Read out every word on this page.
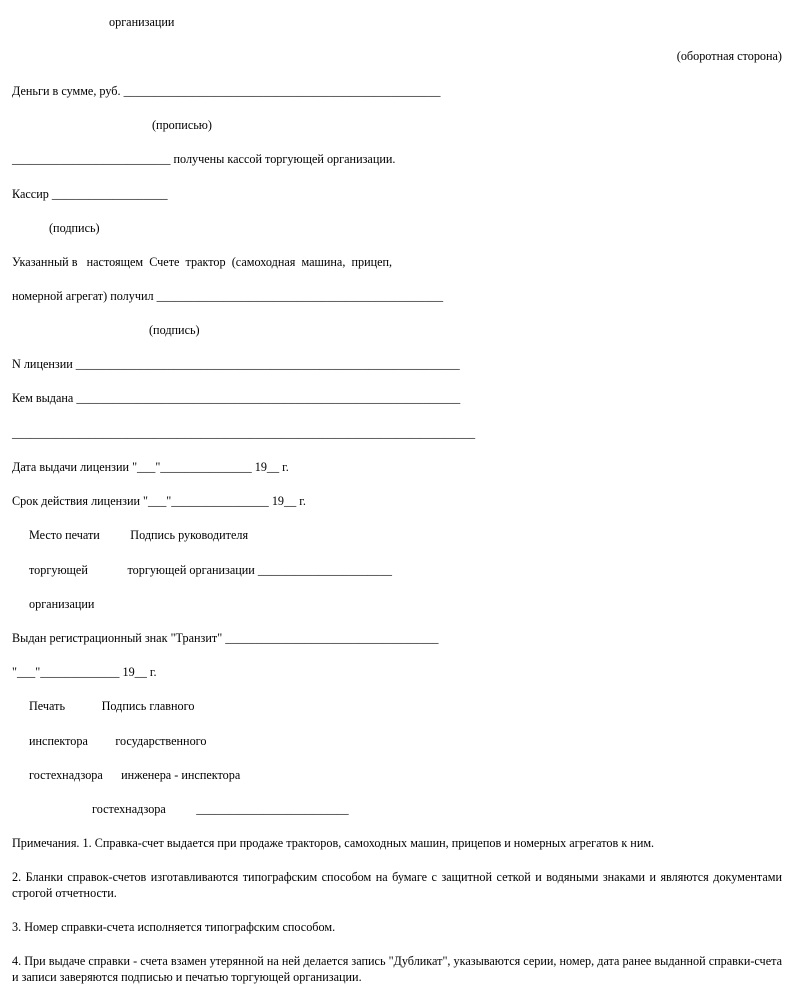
организации
(оборотная сторона)
Деньги в сумме, руб. ____________________________________________________
(прописью)
__________________________ получены кассой торгующей организации.
Кассир ___________________
(подпись)
Указанный в   настоящем  Счете  трактор  (самоходная  машина,  прицеп,
номерной агрегат) получил _______________________________________________
(подпись)
N лицензии _______________________________________________________________
Кем выдана _______________________________________________________________
____________________________________________________________________________
Дата выдачи лицензии "___"_______________ 19__ г.
Срок действия лицензии "___"________________ 19__ г.
Место печати          Подпись руководителя
торгующей             торгующей организации ______________________
организации
Выдан регистрационный знак "Транзит" ___________________________________
"___"_____________ 19__ г.
Печать            Подпись главного
инспектора         государственного
гостехнадзора      инженера - инспектора
гостехнадзора          _________________________
Примечания. 1. Справка-счет выдается при продаже тракторов, самоходных машин, прицепов и номерных агрегатов к ним.
2. Бланки справок-счетов изготавливаются типографским способом на бумаге с защитной сеткой и водяными знаками и являются документами строгой отчетности.
3. Номер справки-счета исполняется типографским способом.
4. При выдаче справки - счета взамен утерянной на ней делается запись "Дубликат", указываются серии, номер, дата ранее выданной справки-счета и записи заверяются подписью и печатью торгующей организации.
